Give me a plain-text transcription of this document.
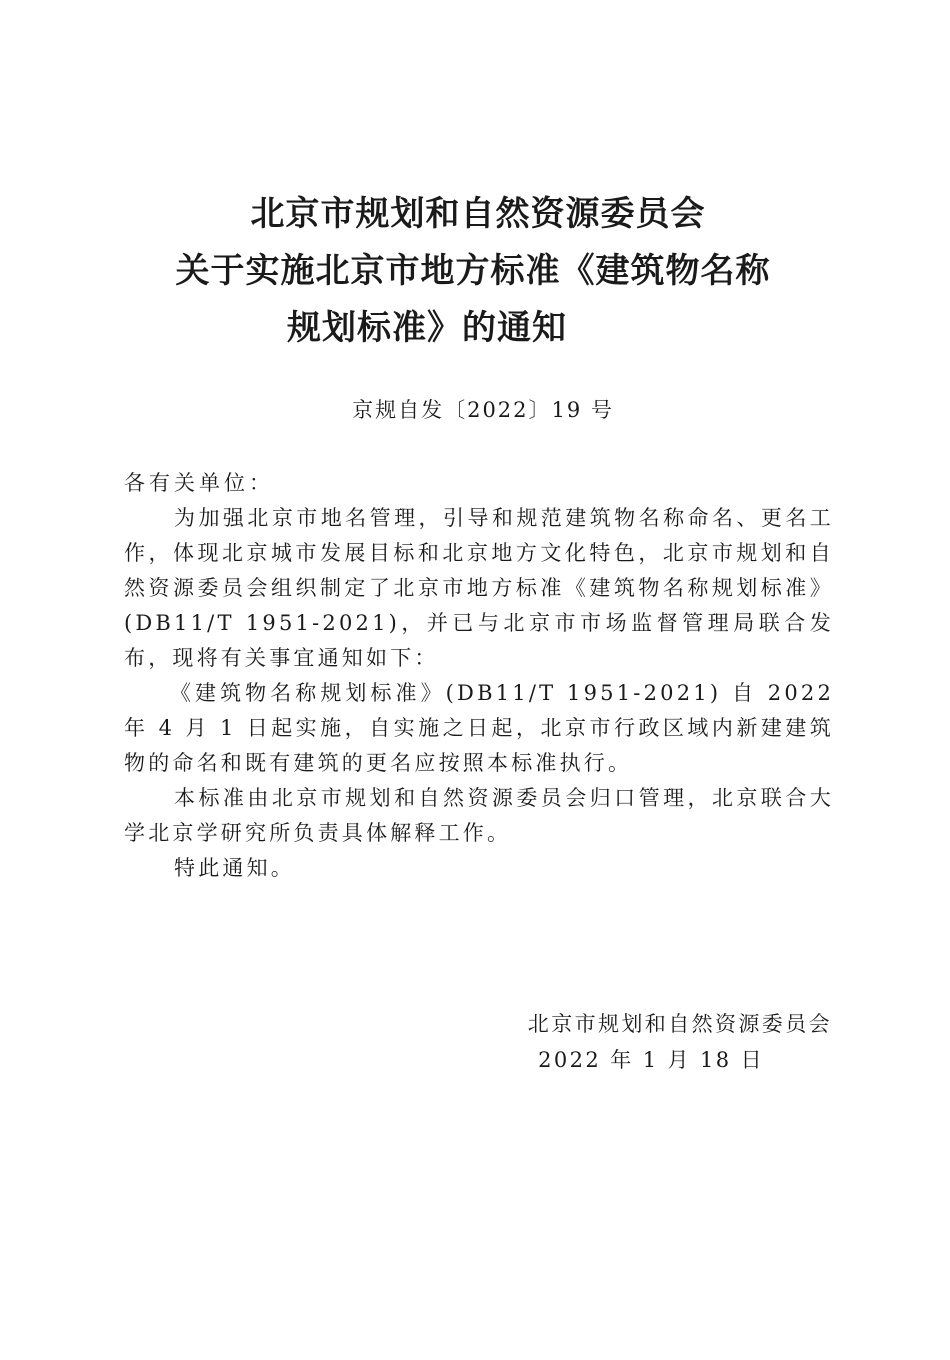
北京市规划和自然资源委员会
关于实施北京市地方标准《建筑物名称
规划标准》的通知
京规自发〔2022〕19 号

各有关单位：

为加强北京市地名管理，引导和规范建筑物名称命名、更名工作，体现北京城市发展目标和北京地方文化特色，北京市规划和自然资源委员会组织制定了北京市地方标准《建筑物名称规划标准》(DB11/T 1951-2021)，并已与北京市市场监督管理局联合发布，现将有关事宜通知如下：

《建筑物名称规划标准》(DB11/T 1951-2021) 自 2022 年 4 月 1 日起实施，自实施之日起，北京市行政区域内新建建筑物的命名和既有建筑的更名应按照本标准执行。

本标准由北京市规划和自然资源委员会归口管理，北京联合大学北京学研究所负责具体解释工作。

特此通知。

北京市规划和自然资源委员会
2022 年 1 月 18 日
